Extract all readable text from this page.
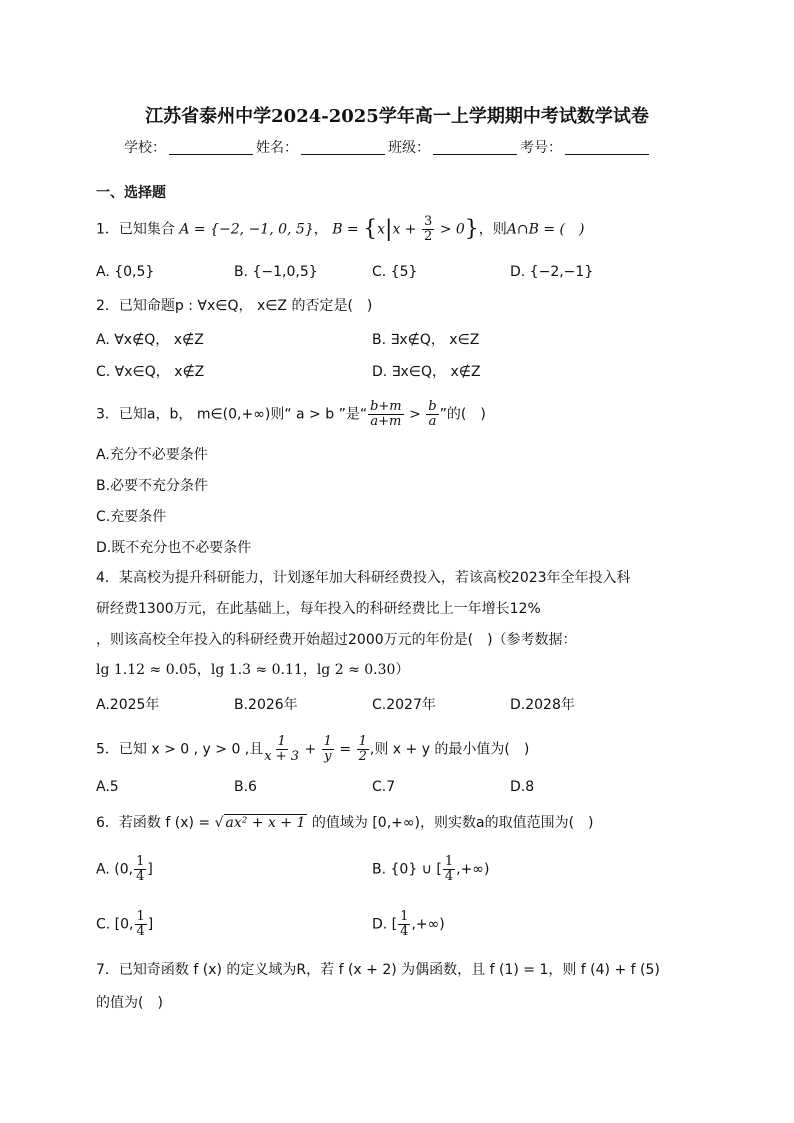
江苏省泰州中学2024-2025学年高一上学期期中考试数学试卷
学校：	姓名：	班级：	考号：
一、选择题
1．已知集合 A = {−2, −1, 0, 5}， $B = \{x|x + \frac{3}{2} > 0\}$，则A∩B = (　)
A. {0,5}	B. {−1,0,5}	C. {5}	D. {−2,−1}
2．已知命题p : ∀x∈Q， x∈Z 的否定是(　)
A. ∀x∉Q， x∉Z	B. ∃x∉Q， x∈Z
C. ∀x∈Q， x∉Z	D. ∃x∈Q， x∉Z
3．已知a，b， m∈(0,+∞)则“ a > b ”是“ $\frac{b+m}{a+m} > \frac{b}{a}$ ”的(　)
A.充分不必要条件
B.必要不充分条件
C.充要条件
D.既不充分也不必要条件
4．某高校为提升科研能力，计划逐年加大科研经费投入，若该高校2023年全年投入科
研经费1300万元，在此基础上，每年投入的科研经费比上一年增长12%
，则该高校全年投入的科研经费开始超过2000万元的年份是(　)（参考数据：
lg 1.12 ≈ 0.05，lg 1.3 ≈ 0.11，lg 2 ≈ 0.30）
A.2025年	B.2026年	C.2027年	D.2028年
5．已知 x > 0 , y > 0 ,且 $\frac{1}{x + 3} + \frac{1}{y} = \frac{1}{2}$ ,则 x + y 的最小值为(　)
A.5	B.6	C.7	D.8
6．若函数 f (x) = √ ax² + x + 1 的值域为 [0,+∞)，则实数a的取值范围为(　)
A. (0, $\frac{1}{4}$ ]	B. {0} ∪ [ $\frac{1}{4}$ ,+∞)
C. [0, $\frac{1}{4}$ ]	D. [ $\frac{1}{4}$ ,+∞)
7．已知奇函数 f (x) 的定义域为R，若 f (x + 2) 为偶函数，且 f (1) = 1，则 f (4) + f (5)
的值为(　)
